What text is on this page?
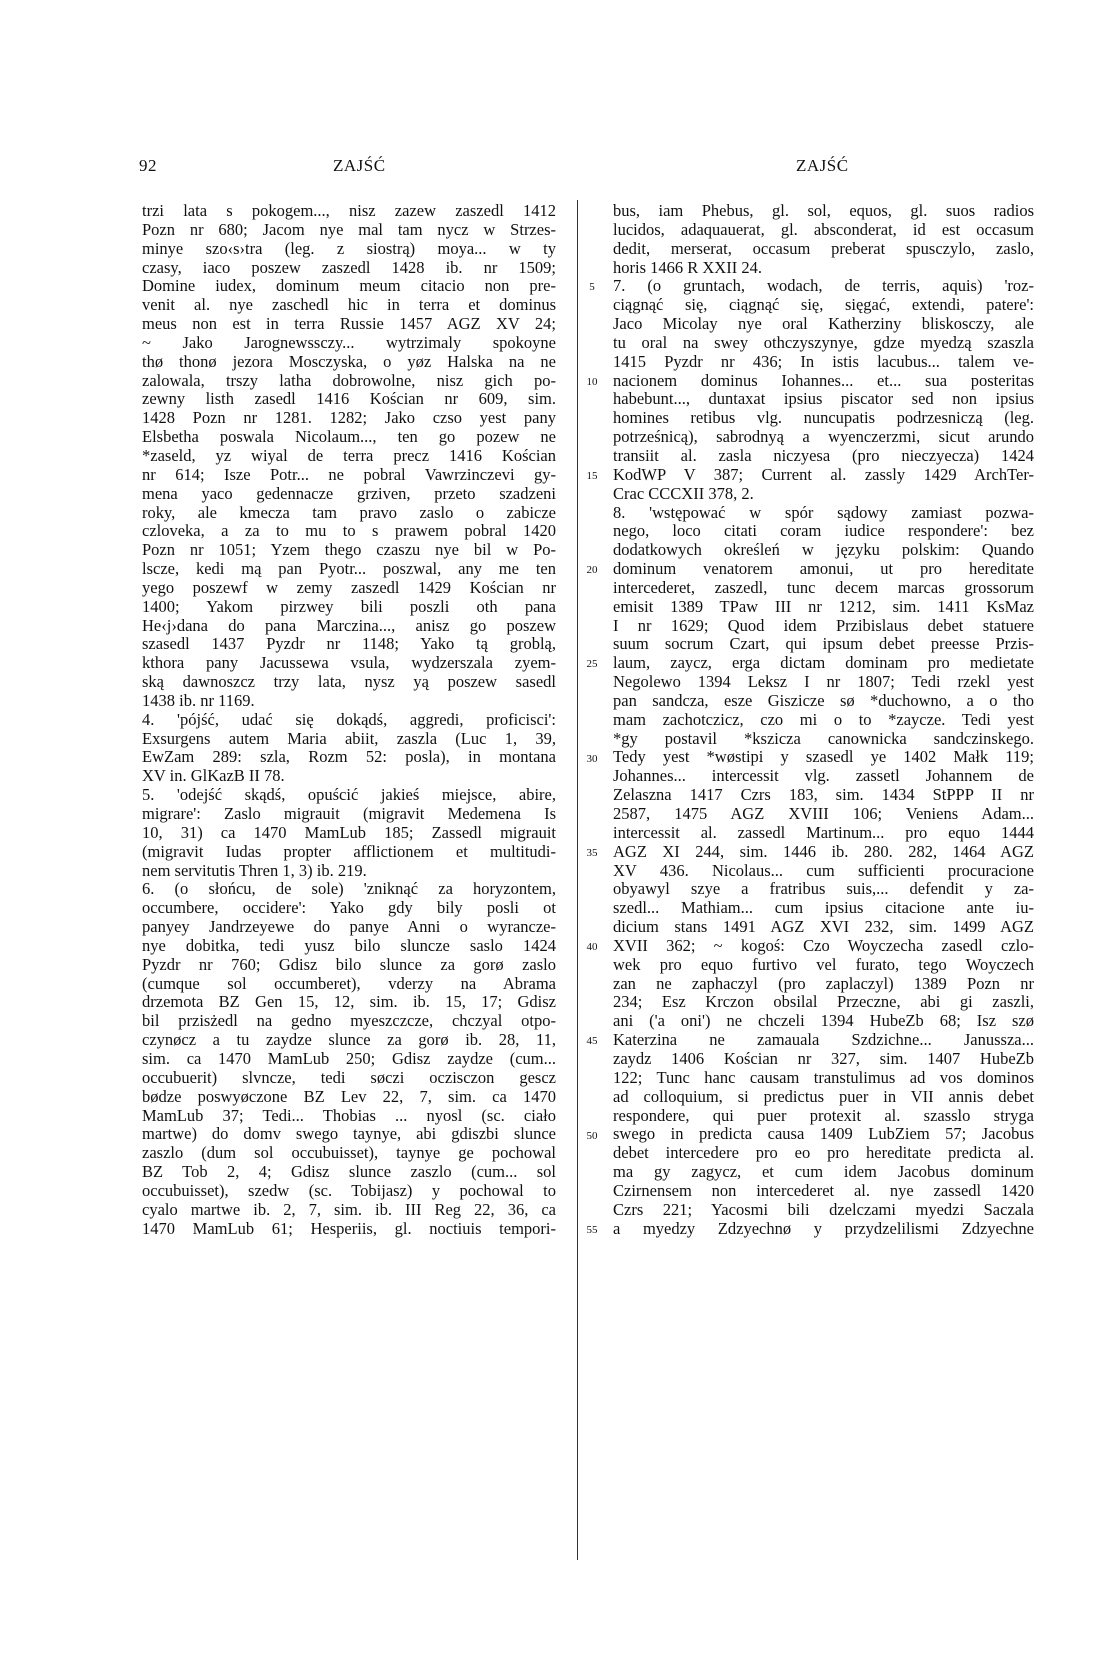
92	ZAJŚĆ	ZAJŚĆ
trzi lata s pokogem..., nisz zazew zaszedl 1412
Pozn nr 680; Jacom nye mal tam nycz w Strzes-
minye szo‹s›tra (leg. z siostrą) moya... w ty
czasy, iaco poszew zaszedl 1428 ib. nr 1509;
Domine iudex, dominum meum citacio non pre-
venit al. nye zaschedl hic in terra et dominus
meus non est in terra Russie 1457 AGZ XV 24;
~ Jako Jarognewssczy... wytrzimaly spokoyne
thø thonø jezora Mosczyska, o yøz Halska na ne
zalowala, trszy latha dobrowolne, nisz gich po-
zewny listh zasedl 1416 Kościan nr 609, sim.
1428 Pozn nr 1281. 1282; Jako czso yest pany
Elsbetha poswala Nicolaum..., ten go pozew ne
*zaseld, yz wiyal de terra precz 1416 Kościan
nr 614; Isze Potr... ne pobral Vawrzinczevi gy-
mena yaco gedennacze grziven, przeto szadzeni
roky, ale kmecza tam pravo zaslo o zabicze
czloveka, a za to mu to s prawem pobral 1420
Pozn nr 1051; Yzem thego czaszu nye bil w Po-
lscze, kedi mą pan Pyotr... poszwal, any me ten
yego poszewf w zemy zaszedl 1429 Kościan nr
1400; Yakom pirzwey bili poszli oth pana
He‹j›dana do pana Marczina..., anisz go poszew
szasedl 1437 Pyzdr nr 1148; Yako tą groblą,
kthora pany Jacussewa vsula, wydzerszala zyem-
ską dawnoszcz trzy lata, nysz yą poszew sasedl
1438 ib. nr 1169.
4. 'pójść, udać się dokądś, aggredi, proficisci':
Exsurgens autem Maria abiit, zaszla (Luc 1, 39,
EwZam 289: szla, Rozm 52: posla), in montana
XV in. GlKazB II 78.
5. 'odejść skądś, opuścić jakieś miejsce, abire,
migrare': Zaslo migrauit (migravit Medemena Is
10, 31) ca 1470 MamLub 185; Zassedl migrauit
(migravit Iudas propter afflictionem et multitudi-
nem servitutis Thren 1, 3) ib. 219.
6. (o słońcu, de sole) 'zniknąć za horyzontem,
occumbere, occidere': Yako gdy bily posli ot
panyey Jandrzeyewe do panye Anni o wyrancze-
nye dobitka, tedi yusz bilo sluncze saslo 1424
Pyzdr nr 760; Gdisz bilo slunce za gorø zaslo
(cumque sol occumberet), vderzy na Abrama
drzemota BZ Gen 15, 12, sim. ib. 15, 17; Gdisz
bil przisżedl na gedno myeszczcze, chczyal otpo-
czynøcz a tu zaydze slunce za gorø ib. 28, 11,
sim. ca 1470 MamLub 250; Gdisz zaydze (cum...
occubuerit) slvncze, tedi søczi oczisczon gescz
bødze poswyøczone BZ Lev 22, 7, sim. ca 1470
MamLub 37; Tedi... Thobias ... nyosl (sc. ciało
martwe) do domv swego taynye, abi gdiszbi slunce
zaszlo (dum sol occubuisset), taynye ge pochowal
BZ Tob 2, 4; Gdisz slunce zaszlo (cum... sol
occubuisset), szedw (sc. Tobijasz) y pochowal to
cyalo martwe ib. 2, 7, sim. ib. III Reg 22, 36, ca
1470 MamLub 61; Hesperiis, gl. noctiuis tempori-
5
10
15
20
25
30
35
40
45
50
55
bus, iam Phebus, gl. sol, equos, gl. suos radios
lucidos, adaquauerat, gl. absconderat, id est occasum
dedit, merserat, occasum preberat spusczylo, zaslo,
horis 1466 R XXII 24.
7. (o gruntach, wodach, de terris, aquis) 'roz-
ciągnąć się, ciągnąć się, sięgać, extendi, patere':
Jaco Micolay nye oral Katherziny bliskosczy, ale
tu oral na swey othczyszynye, gdze myedzą szaszla
1415 Pyzdr nr 436; In istis lacubus... talem ve-
nacionem dominus Iohannes... et... sua posteritas
habebunt..., duntaxat ipsius piscator sed non ipsius
homines retibus vlg. nuncupatis podrzesniczą (leg.
potrześnicą), sabrodnyą a wyenczerzmi, sicut arundo
transiit al. zasla niczyesa (pro nieczyecza) 1424
KodWP V 387; Current al. zassly 1429 ArchTer-
Crac CCCXII 378, 2.
8. 'wstępować w spór sądowy zamiast pozwa-
nego, loco citati coram iudice respondere': bez
dodatkowych określeń w języku polskim: Quando
dominum venatorem amonui, ut pro hereditate
intercederet, zaszedl, tunc decem marcas grossorum
emisit 1389 TPaw III nr 1212, sim. 1411 KsMaz
I nr 1629; Quod idem Przibislaus debet statuere
suum socrum Czart, qui ipsum debet preesse Przis-
laum, zaycz, erga dictam dominam pro medietate
Negolewo 1394 Leksz I nr 1807; Tedi rzekl yest
pan sandcza, esze Giszicze sø *duchowno, a o tho
mam zachotczicz, czo mi o to *zaycze. Tedi yest
*gy postavil *kszicza canownicka sandczinskego.
Tedy yest *wøstipi y szasedl ye 1402 Małk 119;
Johannes... intercessit vlg. zassetl Johannem de
Zelaszna 1417 Czrs 183, sim. 1434 StPPP II nr
2587, 1475 AGZ XVIII 106; Veniens Adam...
intercessit al. zassedl Martinum... pro equo 1444
AGZ XI 244, sim. 1446 ib. 280. 282, 1464 AGZ
XV 436. Nicolaus... cum sufficienti procuracione
obyawyl szye a fratribus suis,... defendit y za-
szedl... Mathiam... cum ipsius citacione ante iu-
dicium stans 1491 AGZ XVI 232, sim. 1499 AGZ
XVII 362; ~ kogoś: Czo Woyczecha zasedl czlo-
wek pro equo furtivo vel furato, tego Woyczech
zan ne zaphaczyl (pro zaplaczyl) 1389 Pozn nr
234; Esz Krczon obsilal Przeczne, abi gi zaszli,
ani ('a oni') ne chczeli 1394 HubeZb 68; Isz szø
Katerzina ne zamauala Szdzichne... Janussza...
zaydz 1406 Kościan nr 327, sim. 1407 HubeZb
122; Tunc hanc causam transtulimus ad vos dominos
ad colloquium, si predictus puer in VII annis debet
respondere, qui puer protexit al. szasslo stryga
swego in predicta causa 1409 LubZiem 57; Jacobus
debet intercedere pro eo pro hereditate predicta al.
ma gy zagycz, et cum idem Jacobus dominum
Czirnensem non intercederet al. nye zassedl 1420
Czrs 221; Yacosmi bili dzelczami myedzi Saczala
a myedzy Zdzyechnø y przydzelilismi Zdzyechne
